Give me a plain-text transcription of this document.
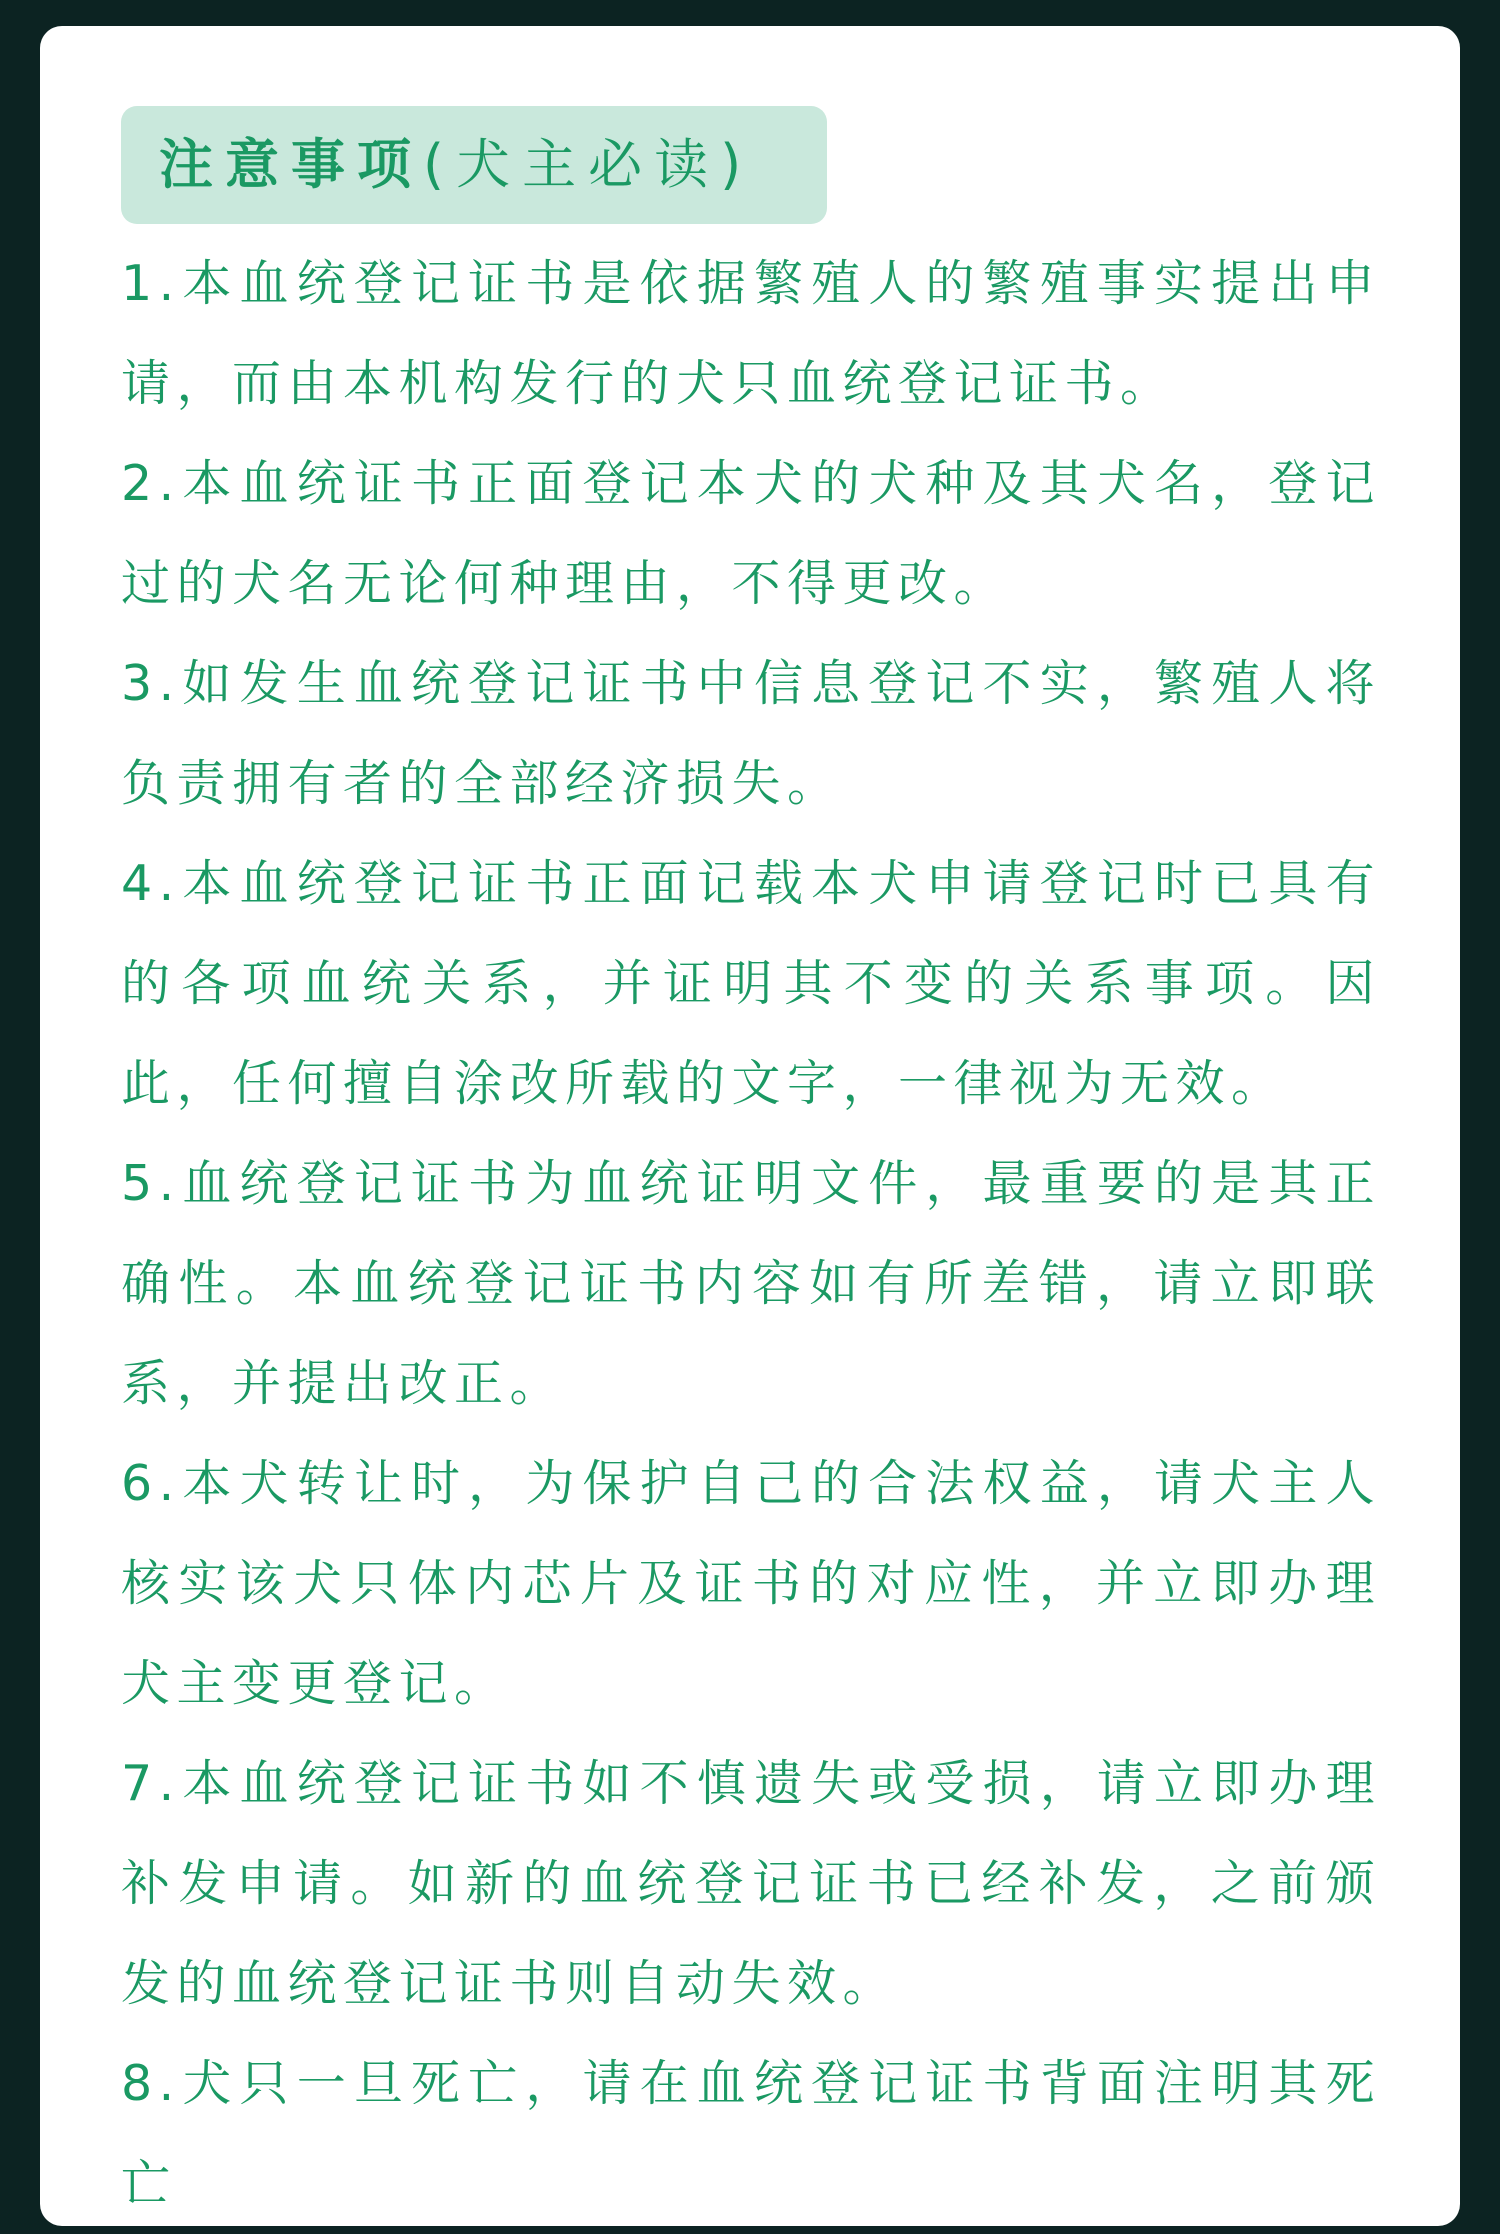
注意事项(犬主必读)
1.本血统登记证书是依据繁殖人的繁殖事实提出申请，而由本机构发行的犬只血统登记证书。
2.本血统证书正面登记本犬的犬种及其犬名，登记过的犬名无论何种理由，不得更改。
3.如发生血统登记证书中信息登记不实，繁殖人将负责拥有者的全部经济损失。
4.本血统登记证书正面记载本犬申请登记时已具有的各项血统关系，并证明其不变的关系事项。因此，任何擅自涂改所载的文字，一律视为无效。
5.血统登记证书为血统证明文件，最重要的是其正确性。本血统登记证书内容如有所差错，请立即联系，并提出改正。
6.本犬转让时，为保护自己的合法权益，请犬主人核实该犬只体内芯片及证书的对应性，并立即办理犬主变更登记。
7.本血统登记证书如不慎遗失或受损，请立即办理补发申请。如新的血统登记证书已经补发，之前颁发的血统登记证书则自动失效。
8.犬只一旦死亡，请在血统登记证书背面注明其死亡
